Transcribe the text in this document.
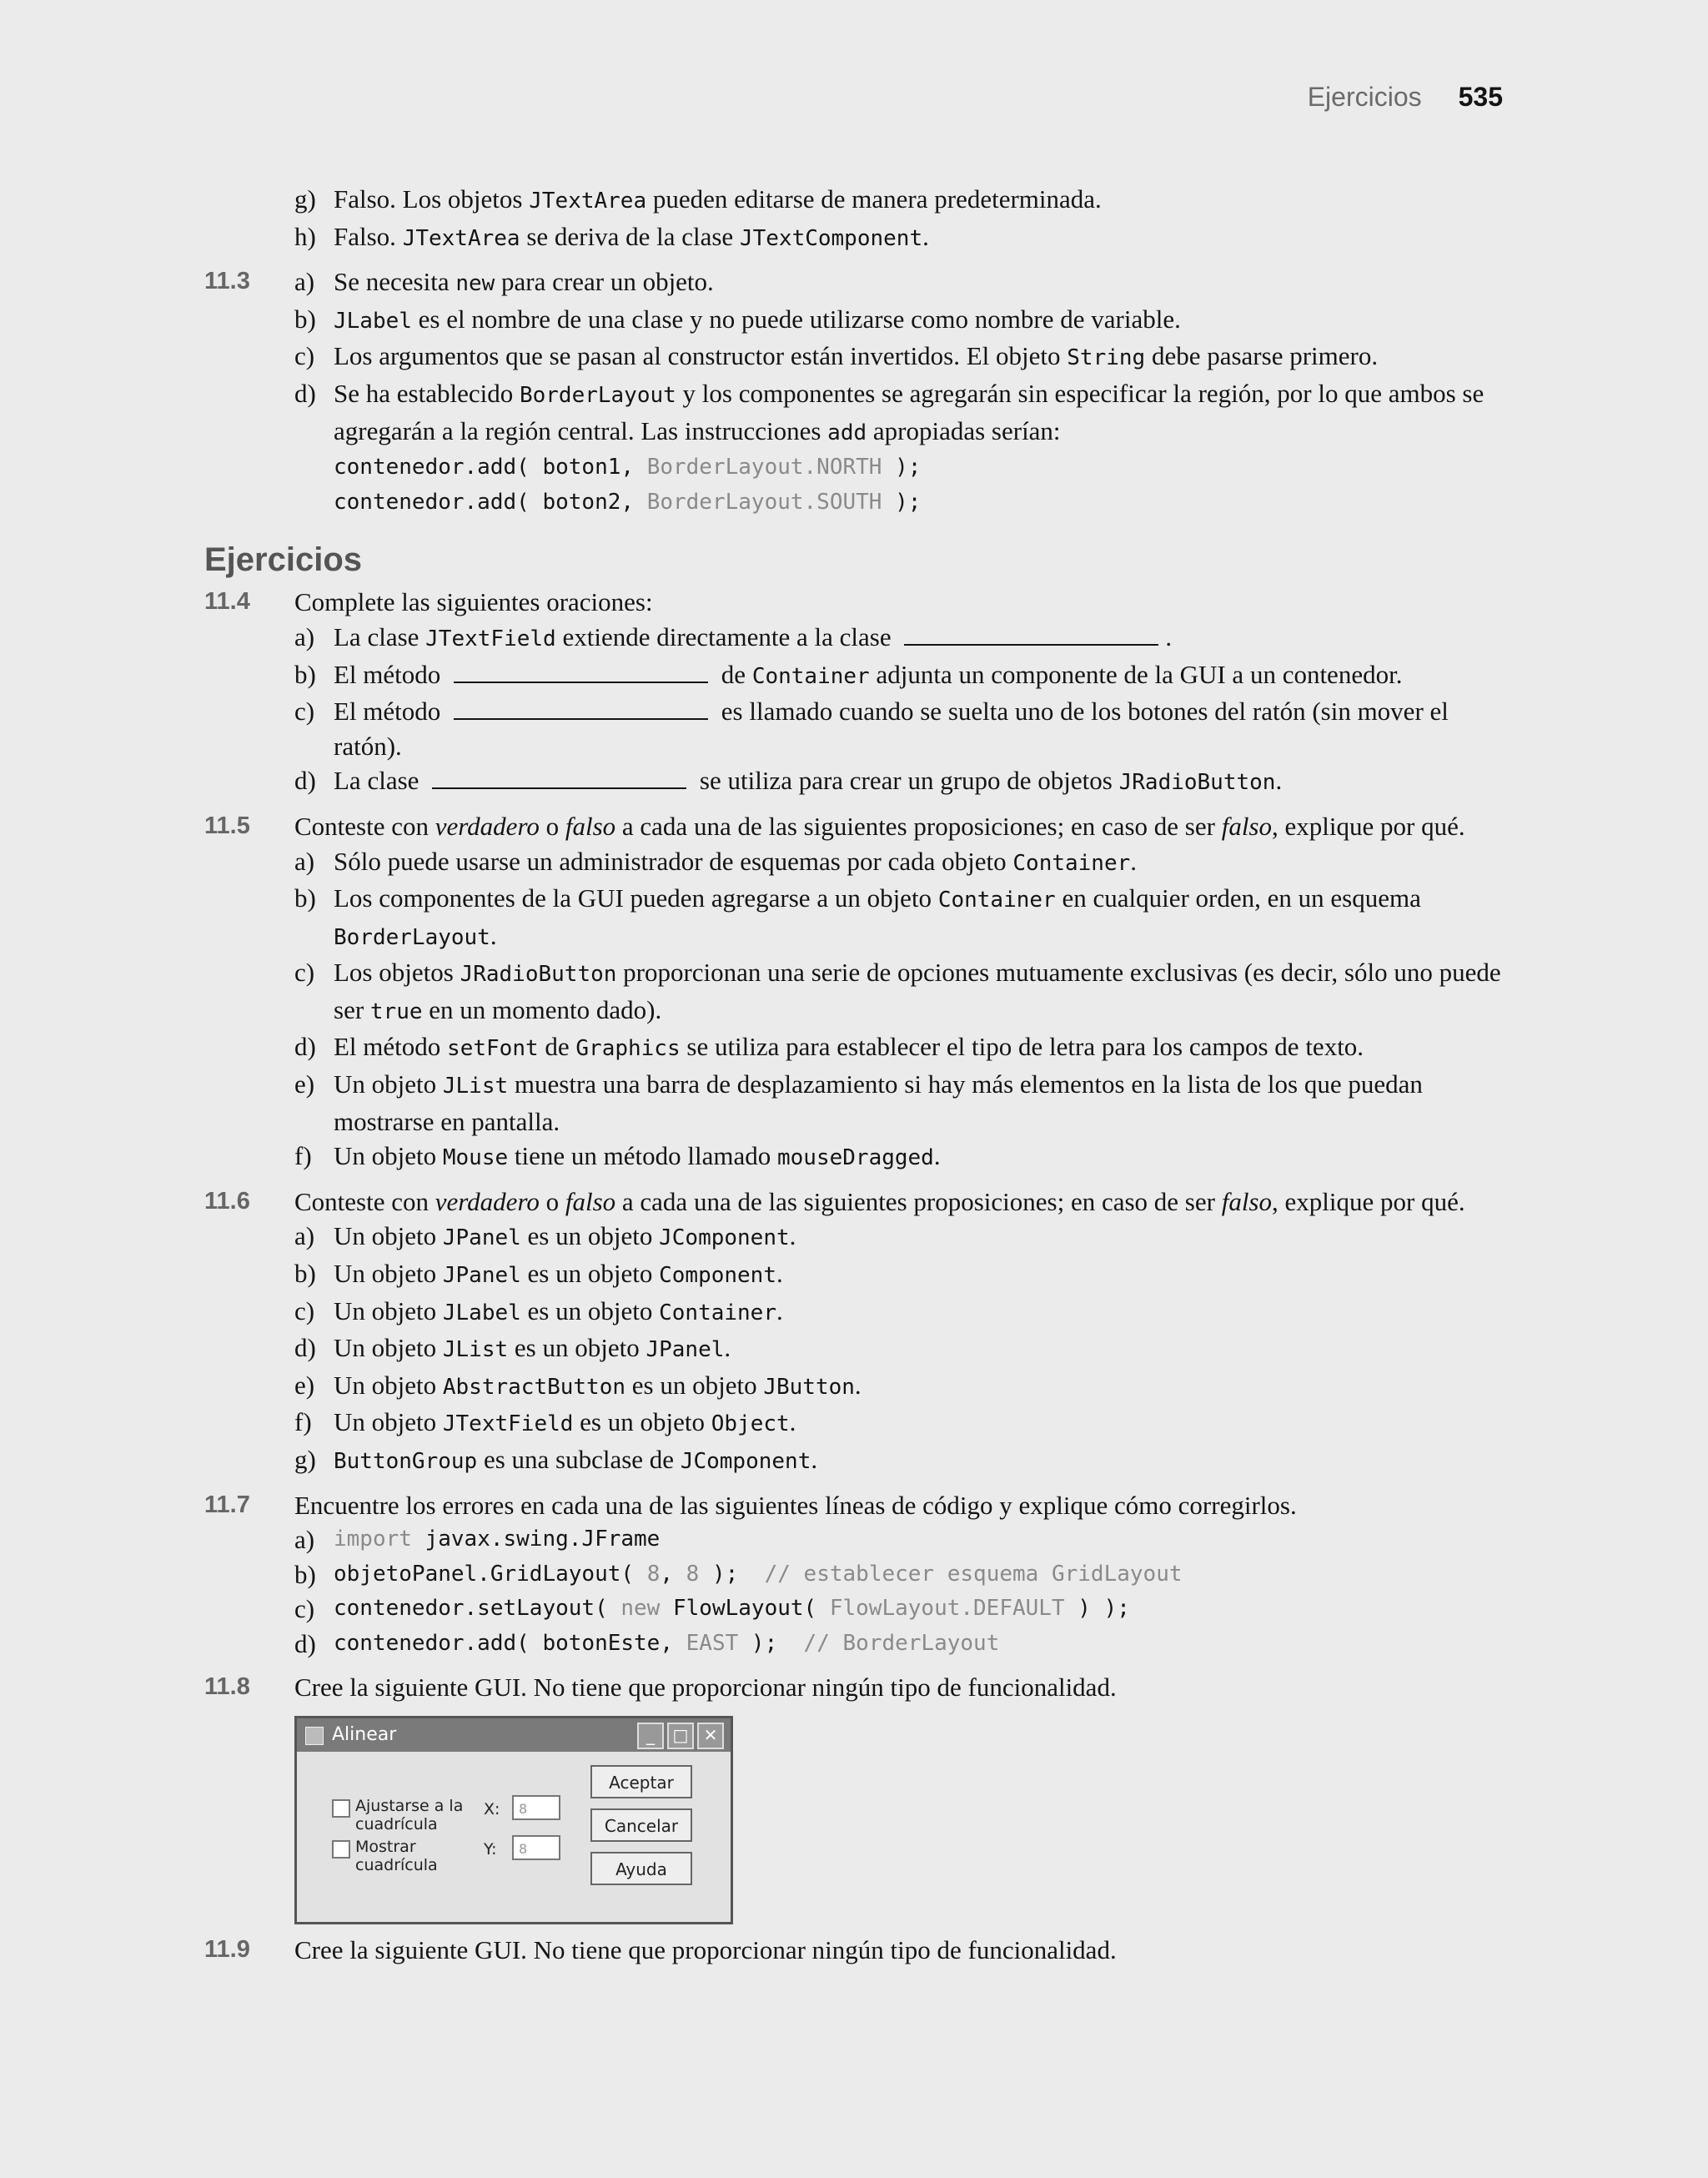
Ejercicios 535
g) Falso. Los objetos JTextArea pueden editarse de manera predeterminada.
h) Falso. JTextArea se deriva de la clase JTextComponent.
11.3	a) Se necesita new para crear un objeto.
b) JLabel es el nombre de una clase y no puede utilizarse como nombre de variable.
c) Los argumentos que se pasan al constructor están invertidos. El objeto String debe pasarse primero.
d) Se ha establecido BorderLayout y los componentes se agregarán sin especificar la región, por lo que ambos se agregarán a la región central. Las instrucciones add apropiadas serían:
contenedor.add( boton1, BorderLayout.NORTH );
contenedor.add( boton2, BorderLayout.SOUTH );
Ejercicios
11.4	Complete las siguientes oraciones:
a) La clase JTextField extiende directamente a la clase	.
b) El método	de Container adjunta un componente de la GUI a un contenedor.
c) El método	es llamado cuando se suelta uno de los botones del ratón (sin mover el ratón).
d) La clase	se utiliza para crear un grupo de objetos JRadioButton.
11.5	Conteste con verdadero o falso a cada una de las siguientes proposiciones; en caso de ser falso, explique por qué.
a) Sólo puede usarse un administrador de esquemas por cada objeto Container.
b) Los componentes de la GUI pueden agregarse a un objeto Container en cualquier orden, en un esquema BorderLayout.
c) Los objetos JRadioButton proporcionan una serie de opciones mutuamente exclusivas (es decir, sólo uno puede ser true en un momento dado).
d) El método setFont de Graphics se utiliza para establecer el tipo de letra para los campos de texto.
e) Un objeto JList muestra una barra de desplazamiento si hay más elementos en la lista de los que puedan mostrarse en pantalla.
f) Un objeto Mouse tiene un método llamado mouseDragged.
11.6	Conteste con verdadero o falso a cada una de las siguientes proposiciones; en caso de ser falso, explique por qué.
a) Un objeto JPanel es un objeto JComponent.
b) Un objeto JPanel es un objeto Component.
c) Un objeto JLabel es un objeto Container.
d) Un objeto JList es un objeto JPanel.
e) Un objeto AbstractButton es un objeto JButton.
f) Un objeto JTextField es un objeto Object.
g) ButtonGroup es una subclase de JComponent.
11.7	Encuentre los errores en cada una de las siguientes líneas de código y explique cómo corregirlos.
a) import javax.swing.JFrame
b) objetoPanel.GridLayout( 8, 8 );  // establecer esquema GridLayout
c) contenedor.setLayout( new FlowLayout( FlowLayout.DEFAULT ) );
d) contenedor.add( botonEste, EAST );  // BorderLayout
11.8	Cree la siguiente GUI. No tiene que proporcionar ningún tipo de funcionalidad.
Alinear	_	□ ✕
Ajustarse a la cuadrícula
Mostrar cuadrícula
X:	8
Y:	8
Aceptar
Cancelar
Ayuda
11.9	Cree la siguiente GUI. No tiene que proporcionar ningún tipo de funcionalidad.
